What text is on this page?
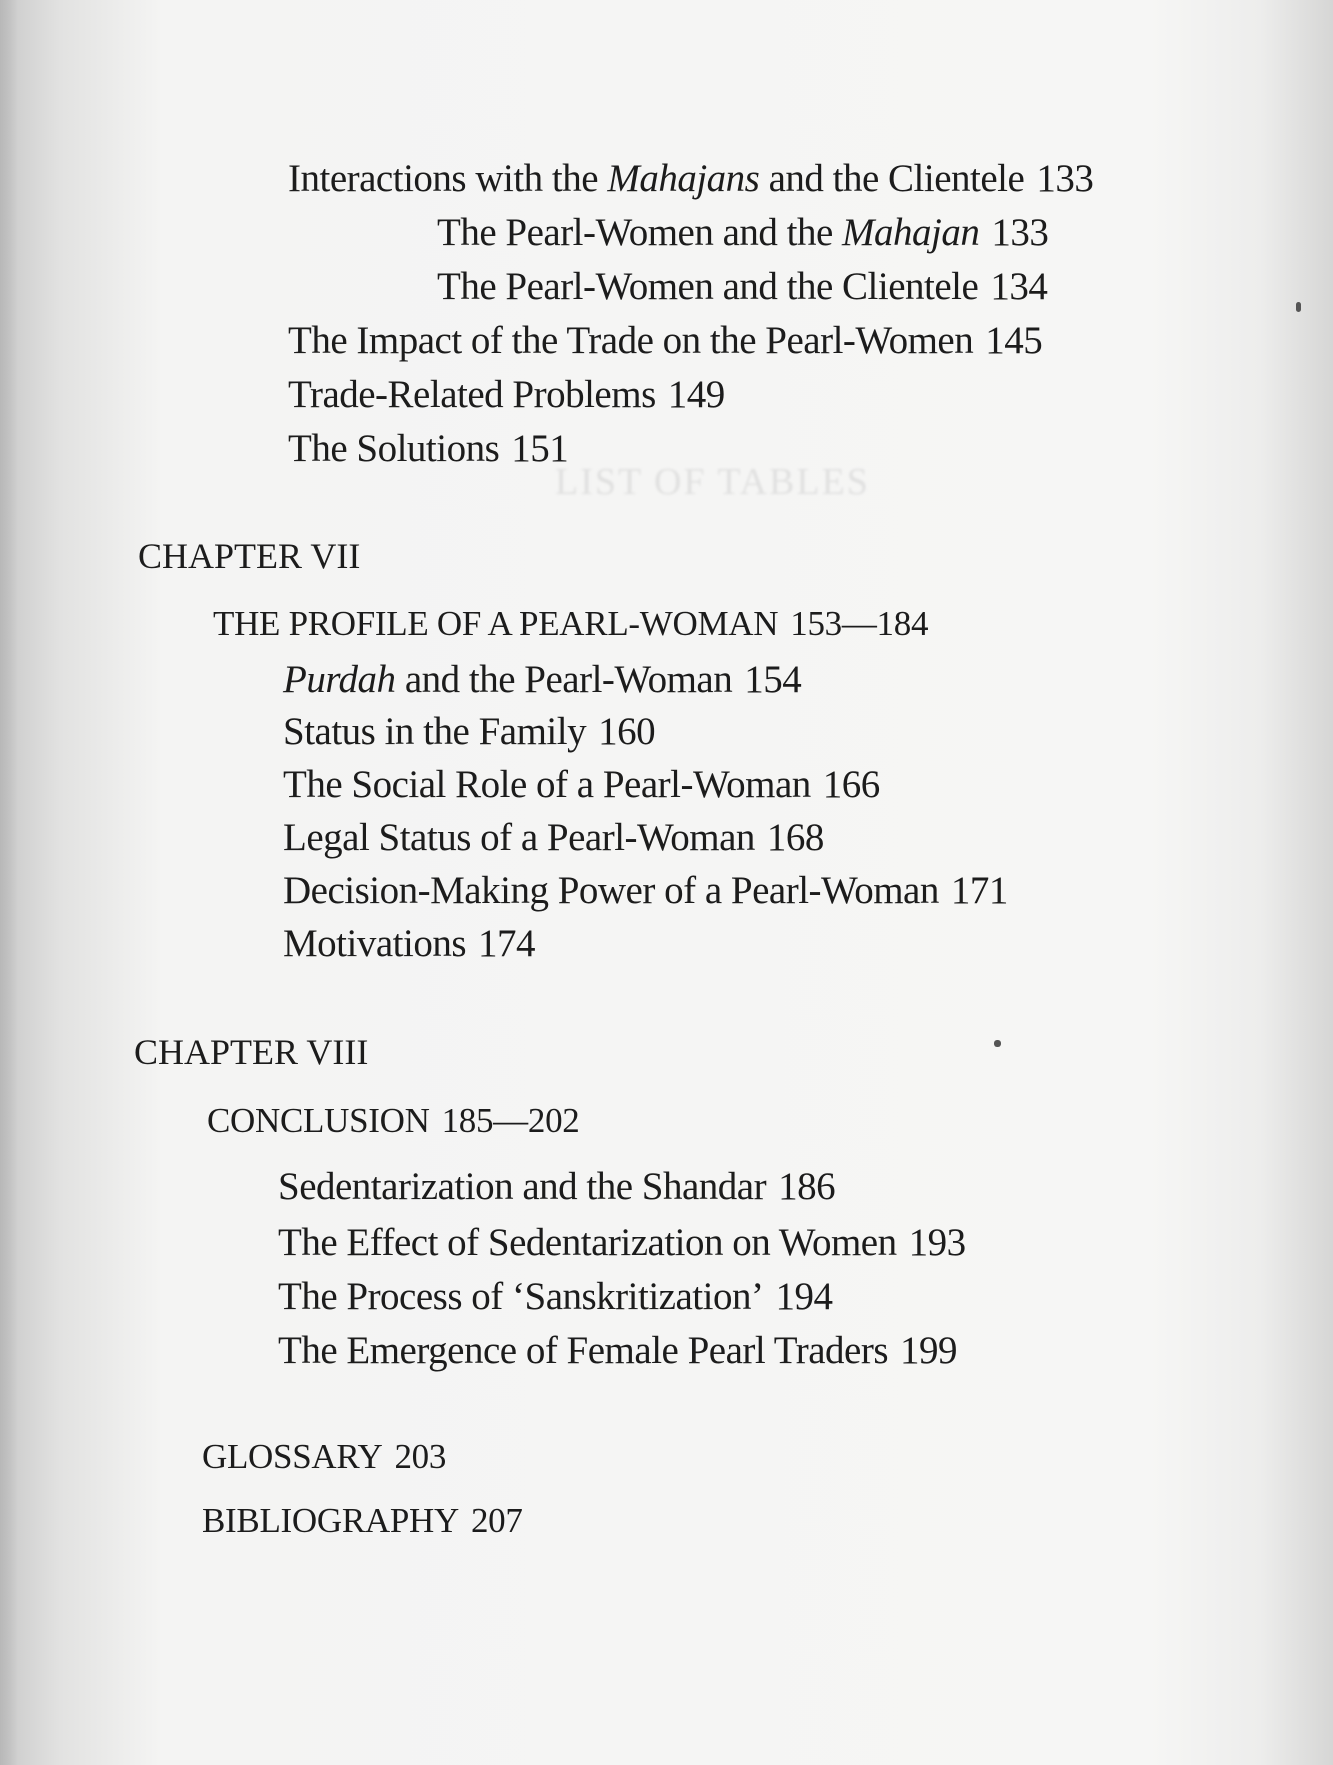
LIST OF TABLES
Interactions with the Mahajans and the Clientele 133
The Pearl-Women and the Mahajan 133
The Pearl-Women and the Clientele 134
The Impact of the Trade on the Pearl-Women 145
Trade-Related Problems 149
The Solutions 151
CHAPTER VII
THE PROFILE OF A PEARL-WOMAN 153—184
Purdah and the Pearl-Woman 154
Status in the Family 160
The Social Role of a Pearl-Woman 166
Legal Status of a Pearl-Woman 168
Decision-Making Power of a Pearl-Woman 171
Motivations 174
CHAPTER VIII
CONCLUSION 185—202
Sedentarization and the Shandar 186
The Effect of Sedentarization on Women 193
The Process of ‘Sanskritization’ 194
The Emergence of Female Pearl Traders 199
GLOSSARY 203
BIBLIOGRAPHY 207
